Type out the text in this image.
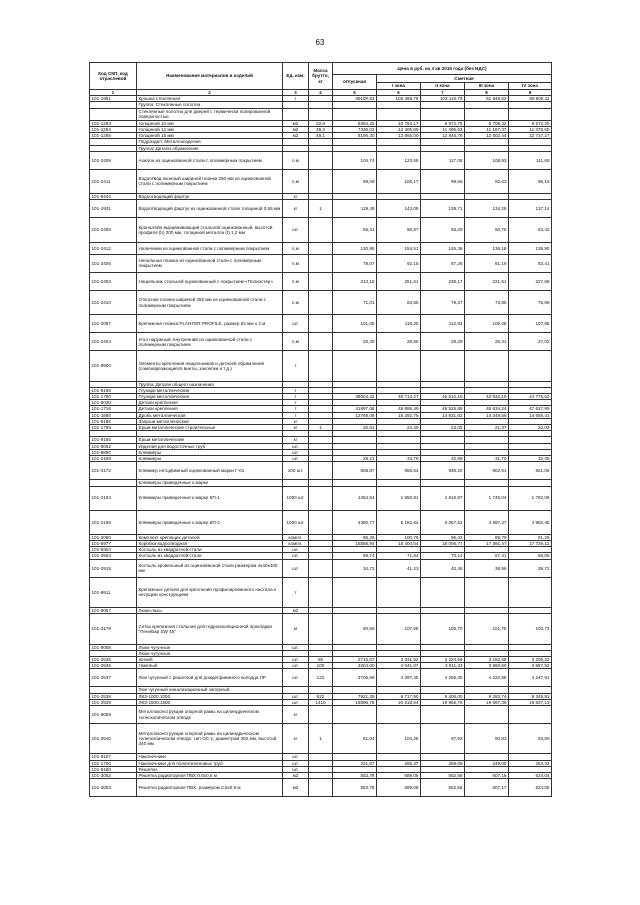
63
Код СКП, код отраслевой	Наименование материалов и изделий	Ед. изм.	Масса брутто, кг	Цена в руб. на 3 кв 2015 года (без НДС)				
				отпускная	Сметная			
					I зона	II зона	III зона	IV зона
1	2	3	4	5	6	7	8	9
101-1981	Крошка стеклянная	т		8910#,53	106 458,76	103 115,78	52 848,62	95 605,11
	Группа: Стеклянные полотна							
	Стеклянные полотна для дверей с термически полированной поверхностью							
101-1283	толщиной 10 мм	м2	32,8	6364,25	10 763,17	9 972,75	5 705,42	9 572,20
101-1284	толщиной 12 мм	м2	39,3	7336,02	12 406,65	11 495,53	11 187,37	11 376,60
101-1285	толщиной 15 мм	м2	49,1	8196,30	13 865,00	12 846,78	12 502,44	12 717,27
	Подраздел: Металлоизделия							
	Группа: Детали обрамления							
101-2409	Ахилон из оцинкованной стали с полимерным покрытием	п.м		104,74	123,65	117,08	108,93	111,68
101-2411	Водоотвод оконный шириной планки 250 мм из оцинкованной стали с полимерным покрытием	п.м		89,08	105,17	99,56	92,63	95,16
101-9444	Водоотводящий фартук	кг						
101-1931	Водоотводящий фартук из оцинкованной стали толщиной 0,55 мм	кг	1	119,49	143,09	139,71	134,25	137,14
101-2406	Кронштейн выравнивающий стальной оцинкованный, высотой профиля (h) 200 мм, толщиной металла (t) 1,2 мм	шт.		56,41	66,97	65,29	60,75	62,42
101-2412	Наличники из оцинкованной стали с полимерным покрытием	п.м		130,95	154,61	146,36	136,18	139,90
101-2405	Начальная планка из оцинкованной стали с полимерным покрытием	п.м		78,07	92,15	87,26	81,19	83,41
101-2403	Нащельник стальной оцинкованный с покрытием «Полиэстер»	п.м		213,10	251,61	238,17	221,61	227,68
101-2410	Откосная планка шириной 250 мм из оцинкованной стали с полимерным покрытием	п.м		71,01	83,85	79,37	73,85	75,86
101-2097	Крепежная планка PLANTER PROFILE, размер 62 мм х 2 м	шт.		101,05	118,30	112,93	105,08	107,95
101-2404	Угол наружный, внутренний из оцинкованной стали с полимерным покрытием	п.м		25,30	29,85	28,28	26,31	27,02
101-9900	Элементы крепления нащельников и деталей обрамления (самонарезающиеся винты, заклепки и т.д.)	т						
	Группа: Детали общего назначения							
101-9188	Глухари металлические	т						
101-1790	Глухари металлические	т		39004,42	46 713,27	45 610,15	43 832,19	44 775,62
101-9030	Детали крепления	т						
101-1716	Детали крепления	т		41897,66	49 895,49	48 525,86	46 634,24	47 637,99
101-1880	Дробь металлическая	т		12769,09	15 292,75	14 931,62	14 349,56	14 658,41
101-9186	Заерши металлические	кг						
101-1789	Ерши металлические строительные	кг	1	20,51	24,49	23,05	21,37	22,03

101-9185	Ерши металлические	кг						
101-9052	Изделия для водосточных труб	шт.						
101-9890	Кляммеры	шт.						
101-2159	Кляммеры	шт.		28,21	33,78	32,99	31,70	32,35
101-4172	Кляммер нетодвижный оцинкованный марки Г-01	100 шт.		808,67	956,64	936,20	902,61	921,05
	Кляммеры приведенные к марке							
101-2164	Кляммеры приведенные к марке КП-1	1000 шт.		1364,54	1 650,81	1 616,97	1 749,04	1 782,09
101-2166	Кляммеры приведенные к марке КП-2	1000 шт.		4380,77	5 182,64	5 067,53	4 897,37	4 992,45
101-2060	Комплект крепящих деталей	компл.		65,38	100,76	95,42	88,79	91,25
101-5977	Коробка водоотводная	компл.		15556,94	18 404,54	18 006,77	17 391,47	17 729,12
101-9304	Костыль из квадратной стали	шт.						
101-2504	Костыль из квадратной стали	шт.		59,74	71,84	70,14	67,41	68,85
101-2915	Костыль кровельный из оцинкованной стали размером 4х40х400 мм	шт.		34,72	41,23	40,48	38,96	39,72
101-9911	Крепежные детали для крепления профилированного настила к несущим конструкциям	т						
101-9057	Люки-лазы	м2						
101-3179	Сетка крепежная стальная для гидроизоляционной прокладки "ПенеБар SW 45"	м		90,66	107,68	105,70	101,75	103,73
101-9058	Люки чугунные	шт.						
	Люки чугунные							
101-2535	легкий	шт.	65	2715,57	3 331,52	3 224,59	3 182,68	3 205,22
101-2536	тяжелый	шт.	100	3204,00	4 041,07	3 911,33	3 860,50	3 887,92
101-2537	Люк чугунный с решеткой для дождеприемного колодца ЛР	шт.	122	3706,86	4 397,45	4 256,30	4 222,98	4 247,91
	Люк чугунный канализационный запорный							
101-2538	ЛКЗ-1000.1000	шт.	622	7921,35	9 717,90	9 406,00	9 283,74	9 349,51
101-2539	ЛКЗ-1500.1500	шт.	1410	16896,78	20 618,54	19 956,76	19 697,36	19 837,13
101-9059	Металлоконструкции опорной рамы на цилиндрическом телескопическом отводе	кг						
101-2540	Металлоконструкции опорной рамы на цилиндрическом телескопическом отводе, тип ОС-1, диаметром 392 мм, высотой 340 мм	кг	1	81,04	104,28	97,92	90,83	93,59
101-9107	Наконечники	шт.						
101-1700	Наконечники для полиэтиленовых труб	шт.		221,57	266,37	259,09	249,00	254,33
101-9180	Решетки	шт.						
101-3052	Решетка радиаторная ПВХ 0,6х0,6 м	м2		553,78	689,08	652,56	607,16	624,04
101-3053	Решетка радиаторная ПВХ, размером 0,6х0,9 м	м2		553,78	689,09	652,56	607,17	624,05
